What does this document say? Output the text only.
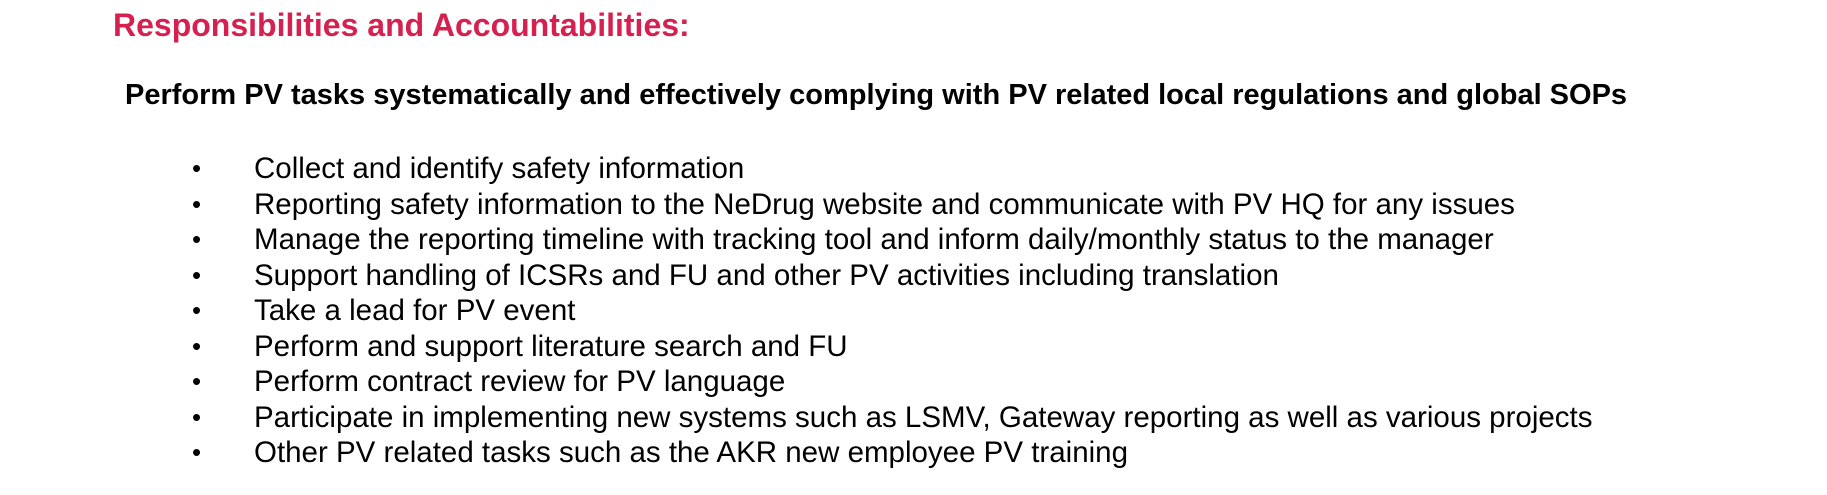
Responsibilities and Accountabilities:
Perform PV tasks systematically and effectively complying with PV related local regulations and global SOPs
• Collect and identify safety information
• Reporting safety information to the NeDrug website and communicate with PV HQ for any issues
• Manage the reporting timeline with tracking tool and inform daily/monthly status to the manager
• Support handling of ICSRs and FU and other PV activities including translation
• Take a lead for PV event
• Perform and support literature search and FU
• Perform contract review for PV language
• Participate in implementing new systems such as LSMV, Gateway reporting as well as various projects
• Other PV related tasks such as the AKR new employee PV training
